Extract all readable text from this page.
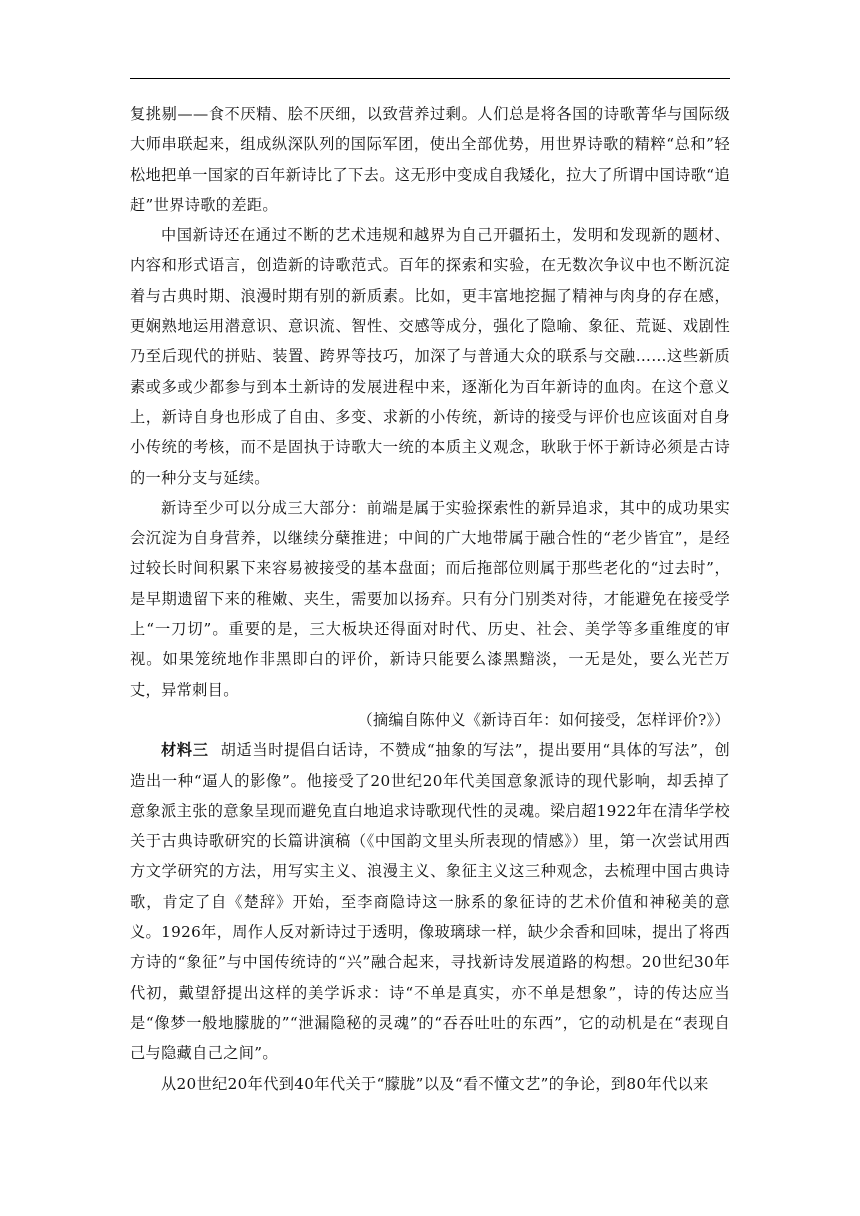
复挑剔——食不厌精、脍不厌细，以致营养过剩。人们总是将各国的诗歌菁华与国际级大师串联起来，组成纵深队列的国际军团，使出全部优势，用世界诗歌的精粹“总和”轻松地把单一国家的百年新诗比了下去。这无形中变成自我矮化，拉大了所谓中国诗歌“追赶”世界诗歌的差距。

中国新诗还在通过不断的艺术违规和越界为自己开疆拓土，发明和发现新的题材、内容和形式语言，创造新的诗歌范式。百年的探索和实验，在无数次争议中也不断沉淀着与古典时期、浪漫时期有别的新质素。比如，更丰富地挖掘了精神与肉身的存在感，更娴熟地运用潜意识、意识流、智性、交感等成分，强化了隐喻、象征、荒诞、戏剧性乃至后现代的拼贴、装置、跨界等技巧，加深了与普通大众的联系与交融……这些新质素或多或少都参与到本土新诗的发展进程中来，逐渐化为百年新诗的血肉。在这个意义上，新诗自身也形成了自由、多变、求新的小传统，新诗的接受与评价也应该面对自身小传统的考核，而不是固执于诗歌大一统的本质主义观念，耿耿于怀于新诗必须是古诗的一种分支与延续。

新诗至少可以分成三大部分：前端是属于实验探索性的新异追求，其中的成功果实会沉淀为自身营养，以继续分蘖推进；中间的广大地带属于融合性的“老少皆宜”，是经过较长时间积累下来容易被接受的基本盘面；而后拖部位则属于那些老化的“过去时”，是早期遗留下来的稚嫩、夹生，需要加以扬弃。只有分门别类对待，才能避免在接受学上“一刀切”。重要的是，三大板块还得面对时代、历史、社会、美学等多重维度的审视。如果笼统地作非黑即白的评价，新诗只能要么漆黑黯淡，一无是处，要么光芒万丈，异常刺目。

（摘编自陈仲义《新诗百年：如何接受，怎样评价?》）

材料三 胡适当时提倡白话诗，不赞成“抽象的写法”，提出要用“具体的写法”，创造出一种“逼人的影像”。他接受了20世纪20年代美国意象派诗的现代影响，却丢掉了意象派主张的意象呈现而避免直白地追求诗歌现代性的灵魂。梁启超1922年在清华学校关于古典诗歌研究的长篇讲演稿（《中国韵文里头所表现的情感》）里，第一次尝试用西方文学研究的方法，用写实主义、浪漫主义、象征主义这三种观念，去梳理中国古典诗歌，肯定了自《楚辞》开始，至李商隐诗这一脉系的象征诗的艺术价值和神秘美的意义。1926年，周作人反对新诗过于透明，像玻璃球一样，缺少余香和回味，提出了将西方诗的“象征”与中国传统诗的“兴”融合起来，寻找新诗发展道路的构想。20世纪30年代初，戴望舒提出这样的美学诉求：诗“不单是真实，亦不单是想象”，诗的传达应当是“像梦一般地朦胧的”“泄漏隐秘的灵魂”的“吞吞吐吐的东西”，它的动机是在“表现自己与隐藏自己之间”。

从20世纪20年代到40年代关于“朦胧”以及“看不懂文艺”的争论，到80年代以来
